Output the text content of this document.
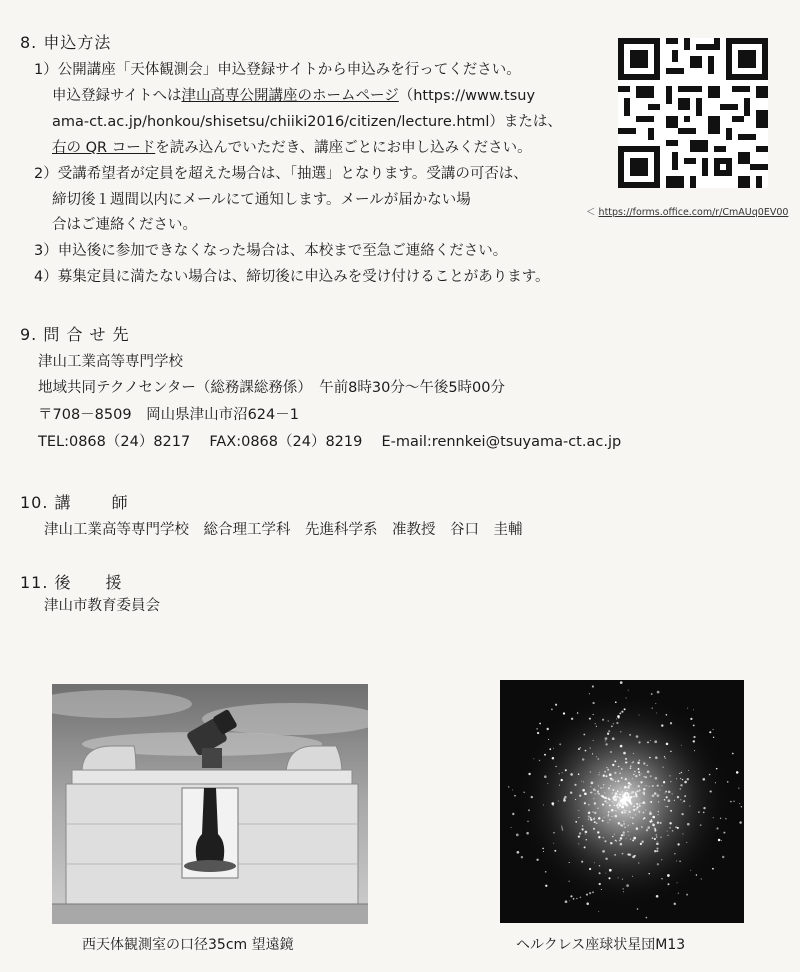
8. 申込方法
1）公開講座「天体観測会」申込登録サイトから申込みを行ってください。
申込登録サイトへは津山高専公開講座のホームページ（https://www.tsuy
ama-ct.ac.jp/honkou/shisetsu/chiiki2016/citizen/lecture.html）または、
右の QR コードを読み込んでいただき、講座ごとにお申し込みください。
2）受講希望者が定員を超えた場合は、「抽選」となります。受講の可否は、
締切後１週間以内にメールにて通知します。メールが届かない場
合はご連絡ください。
3）申込後に参加できなくなった場合は、本校まで至急ご連絡ください。
4）募集定員に満たない場合は、締切後に申込みを受け付けることがあります。
＜ https://forms.office.com/r/CmAUq0EV00
9. 問 合 せ 先
津山工業高等専門学校
地域共同テクノセンター（総務課総務係）　午前8時30分～午後5時00分
〒708－8509　岡山県津山市沼624－1
TEL:0868（24）8217　 FAX:0868（24）8219　 E-mail:rennkei@tsuyama-ct.ac.jp
10. 講　　 師
津山工業高等専門学校　総合理工学科　先進科学系　准教授　谷口　圭輔
11. 後　　援
津山市教育委員会
西天体観測室の口径35cm 望遠鏡	ヘルクレス座球状星団M13
